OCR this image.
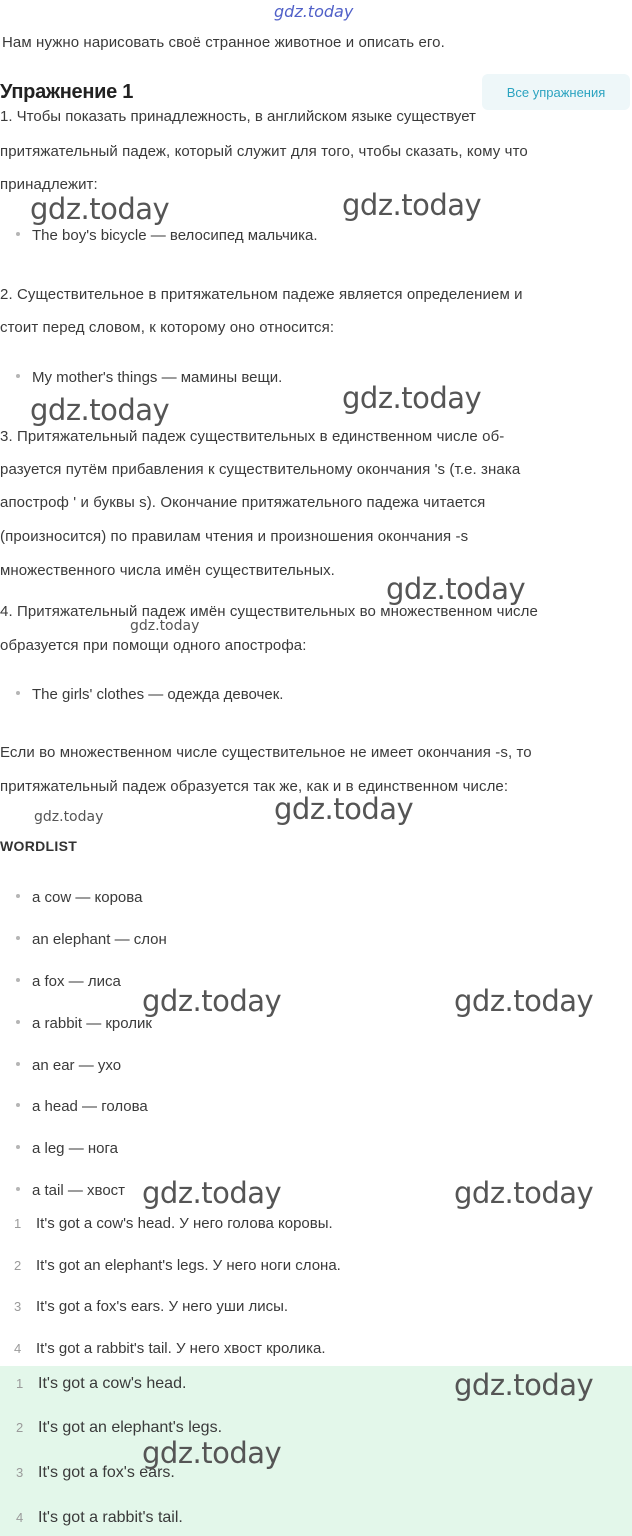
gdz.today
Нам нужно нарисовать своё странное животное и описать его.
Упражнение 1	Все упражнения
1. Чтобы показать принадлежность, в английском языке существует
притяжательный падеж, который служит для того, чтобы сказать, кому что
принадлежит:
The boy's bicycle — велосипед мальчика.
2. Существительное в притяжательном падеже является определением и
стоит перед словом, к которому оно относится:
My mother's things — мамины вещи.
3. Притяжательный падеж существительных в единственном числе об-
разуется путём прибавления к существительному окончания 's (т.е. знака
апостроф ' и буквы s). Окончание притяжательного падежа читается
(произносится) по правилам чтения и произношения окончания -s
множественного числа имён существительных.
4. Притяжательный падеж имён существительных во множественном числе
образуется при помощи одного апострофа:
The girls' clothes — одежда девочек.
Если во множественном числе существительное не имеет окончания -s, то
притяжательный падеж образуется так же, как и в единственном числе:
WORDLIST
a cow — корова
an elephant — слон
a fox — лиса
a rabbit — кролик
an ear — ухо
a head — голова
a leg — нога
a tail — хвост
1 It's got a cow's head. У него голова коровы.
2 It's got an elephant's legs. У него ноги слона.
3 It's got a fox's ears. У него уши лисы.
4 It's got a rabbit's tail. У него хвост кролика.
1 It's got a cow's head.
2 It's got an elephant's legs.
3 It's got a fox's ears.
4 It's got a rabbit's tail.
gdz.today	gdz.today
gdz.today	gdz.today
gdz.today
gdz.today
gdz.today
gdz.today
gdz.today	gdz.today
gdz.today	gdz.today
gdz.today
gdz.today
